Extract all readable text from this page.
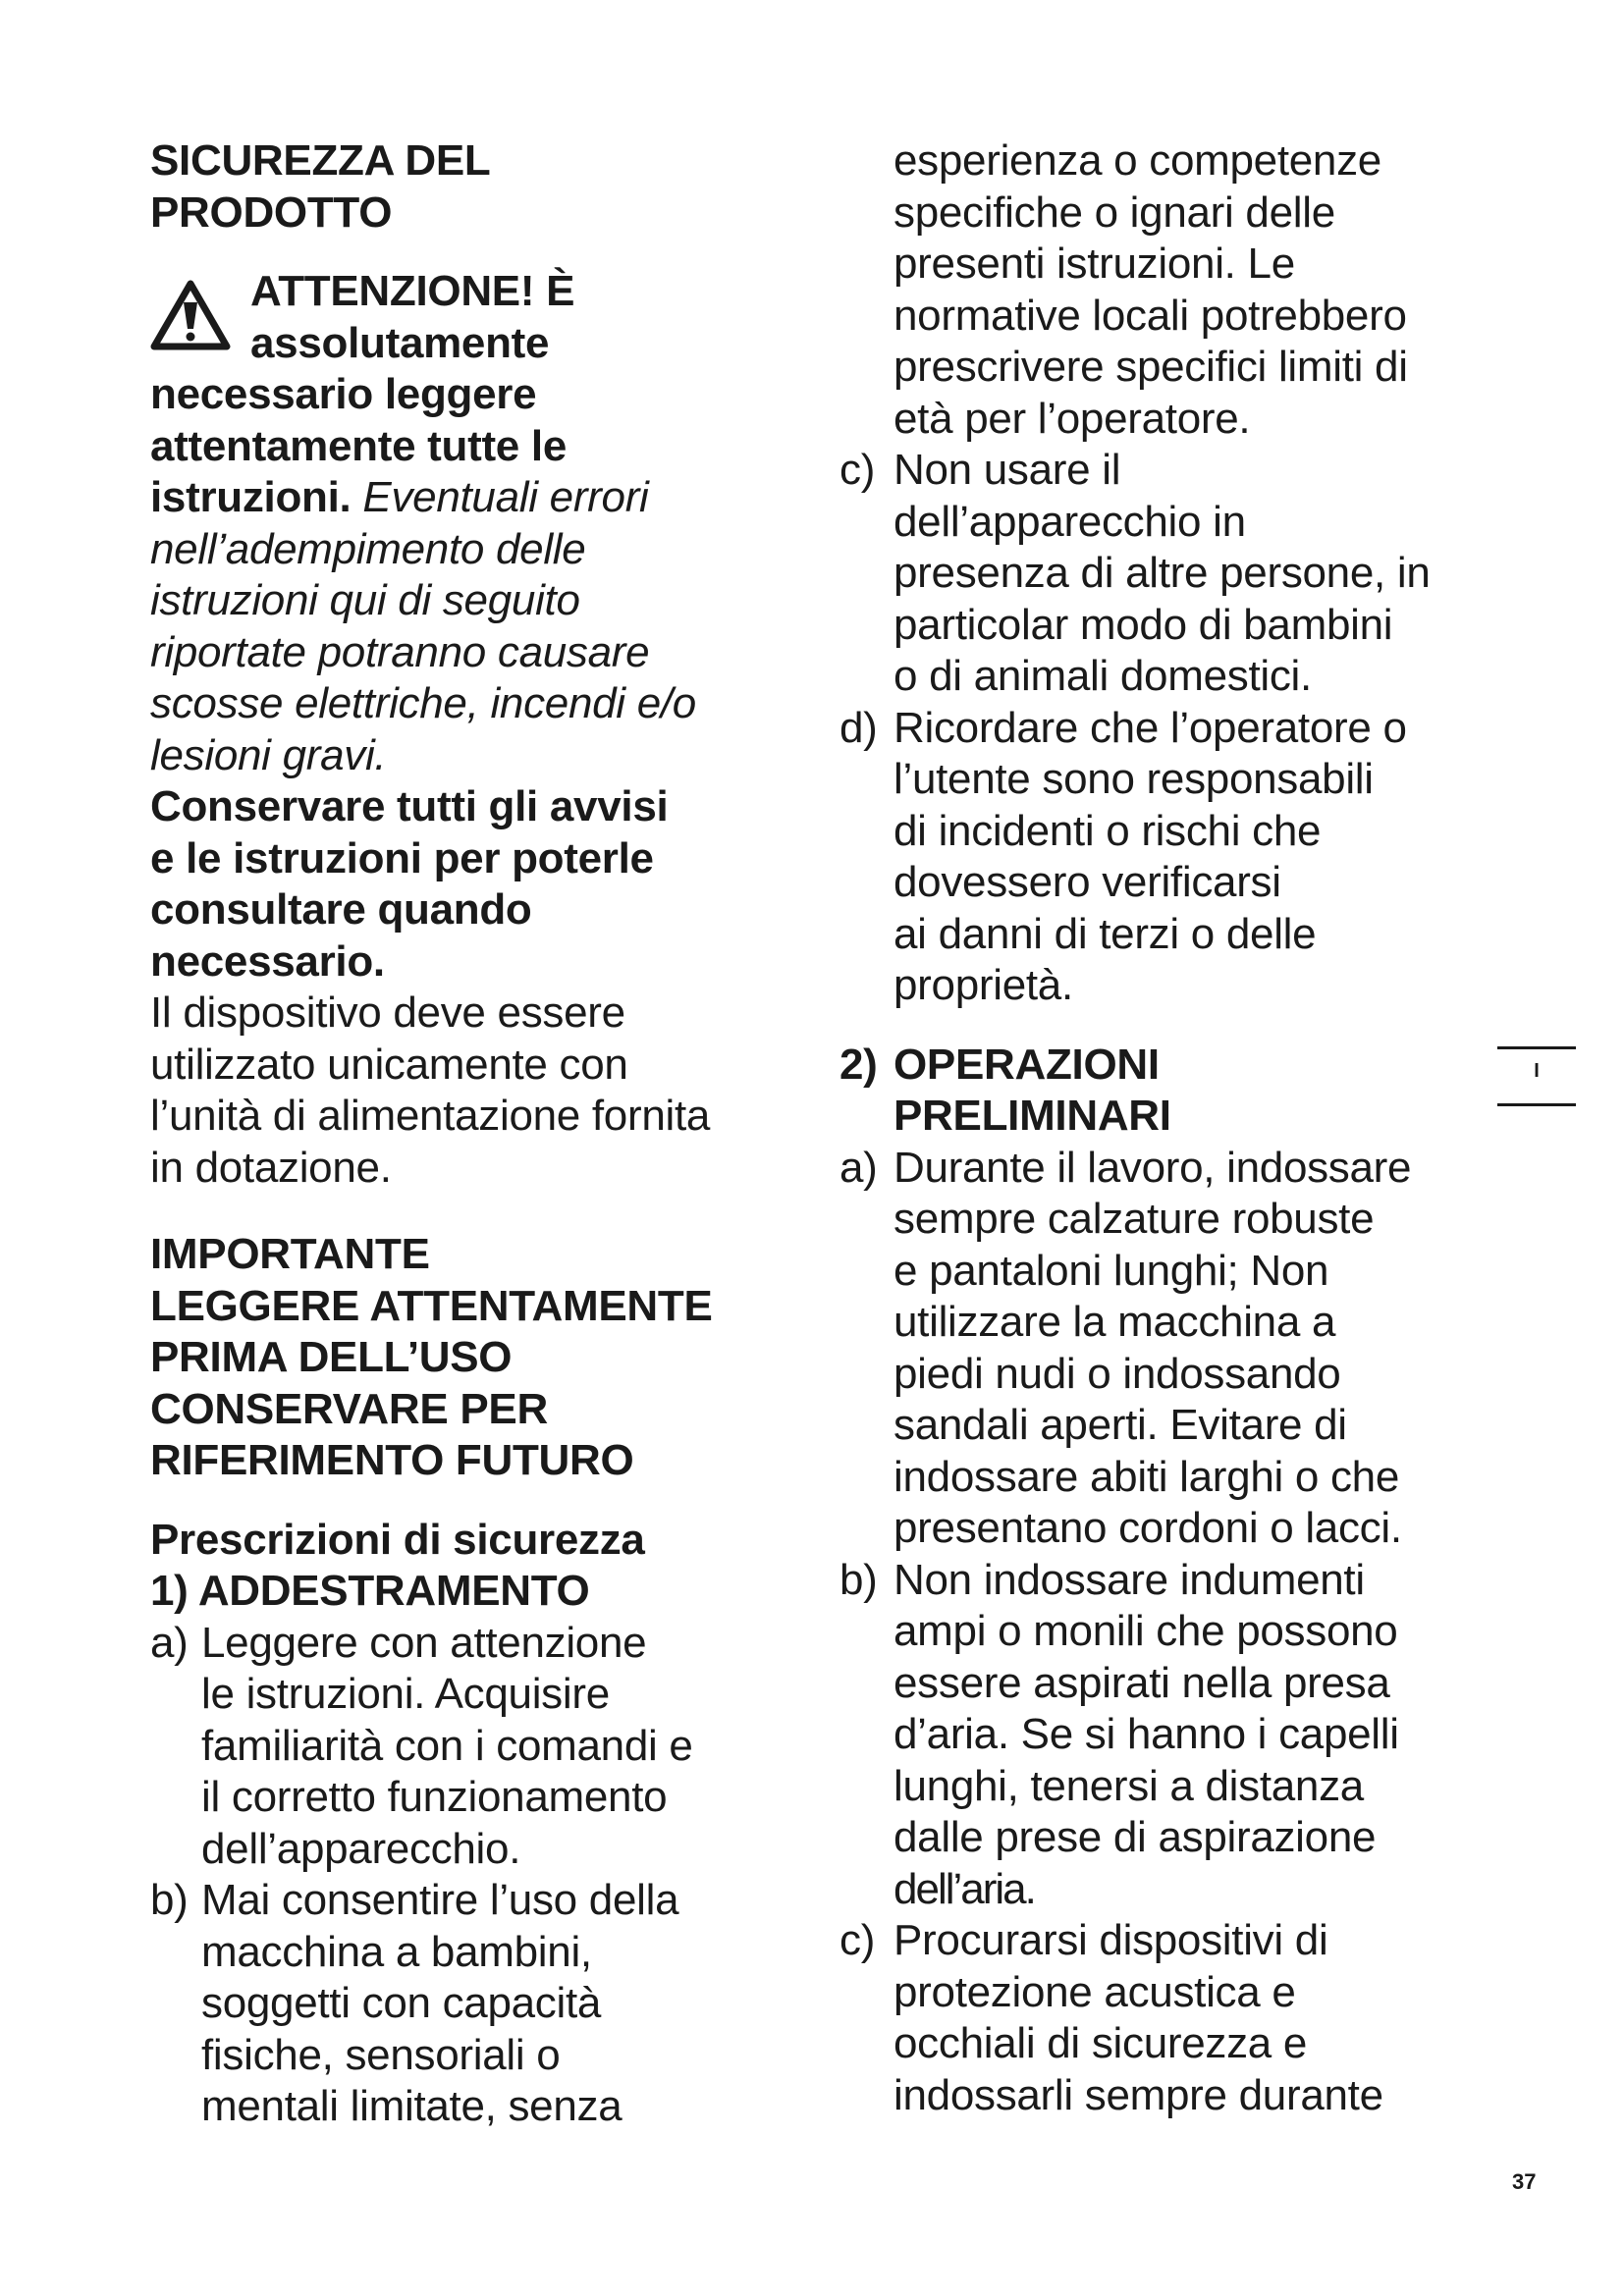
SICUREZZA DEL
PRODOTTO
ATTENZIONE! È
assolutamente
necessario leggere
attentamente tutte le
istruzioni. Eventuali errori
nell’adempimento delle
istruzioni qui di seguito
riportate potranno causare
scosse elettriche, incendi e/o
lesioni gravi.
Conservare tutti gli avvisi
e le istruzioni per poterle
consultare quando
necessario.
Il dispositivo deve essere
utilizzato unicamente con
l’unità di alimentazione fornita
in dotazione.
IMPORTANTE
LEGGERE ATTENTAMENTE
PRIMA DELL’USO
CONSERVARE PER
RIFERIMENTO FUTURO
Prescrizioni di sicurezza
1) ADDESTRAMENTO
a) Leggere con attenzione
le istruzioni. Acquisire
familiarità con i comandi e
il corretto funzionamento
dell’apparecchio.
b) Mai consentire l’uso della
macchina a bambini,
soggetti con capacità
fisiche, sensoriali o
mentali limitate, senza
esperienza o competenze
specifiche o ignari delle
presenti istruzioni. Le
normative locali potrebbero
prescrivere specifici limiti di
età per l’operatore.
c) Non usare il
dell’apparecchio in
presenza di altre persone, in
particolar modo di bambini
o di animali domestici.
d) Ricordare che l’operatore o
l’utente sono responsabili
di incidenti o rischi che
dovessero verificarsi
ai danni di terzi o delle
proprietà.
2) OPERAZIONI
PRELIMINARI
a) Durante il lavoro, indossare
sempre calzature robuste
e pantaloni lunghi; Non
utilizzare la macchina a
piedi nudi o indossando
sandali aperti. Evitare di
indossare abiti larghi o che
presentano cordoni o lacci.
b) Non indossare indumenti
ampi o monili che possono
essere aspirati nella presa
d’aria. Se si hanno i capelli
lunghi, tenersi a distanza
dalle prese di aspirazione
dell’aria.
c) Procurarsi dispositivi di
protezione acustica e
occhiali di sicurezza e
indossarli sempre durante
I
37
